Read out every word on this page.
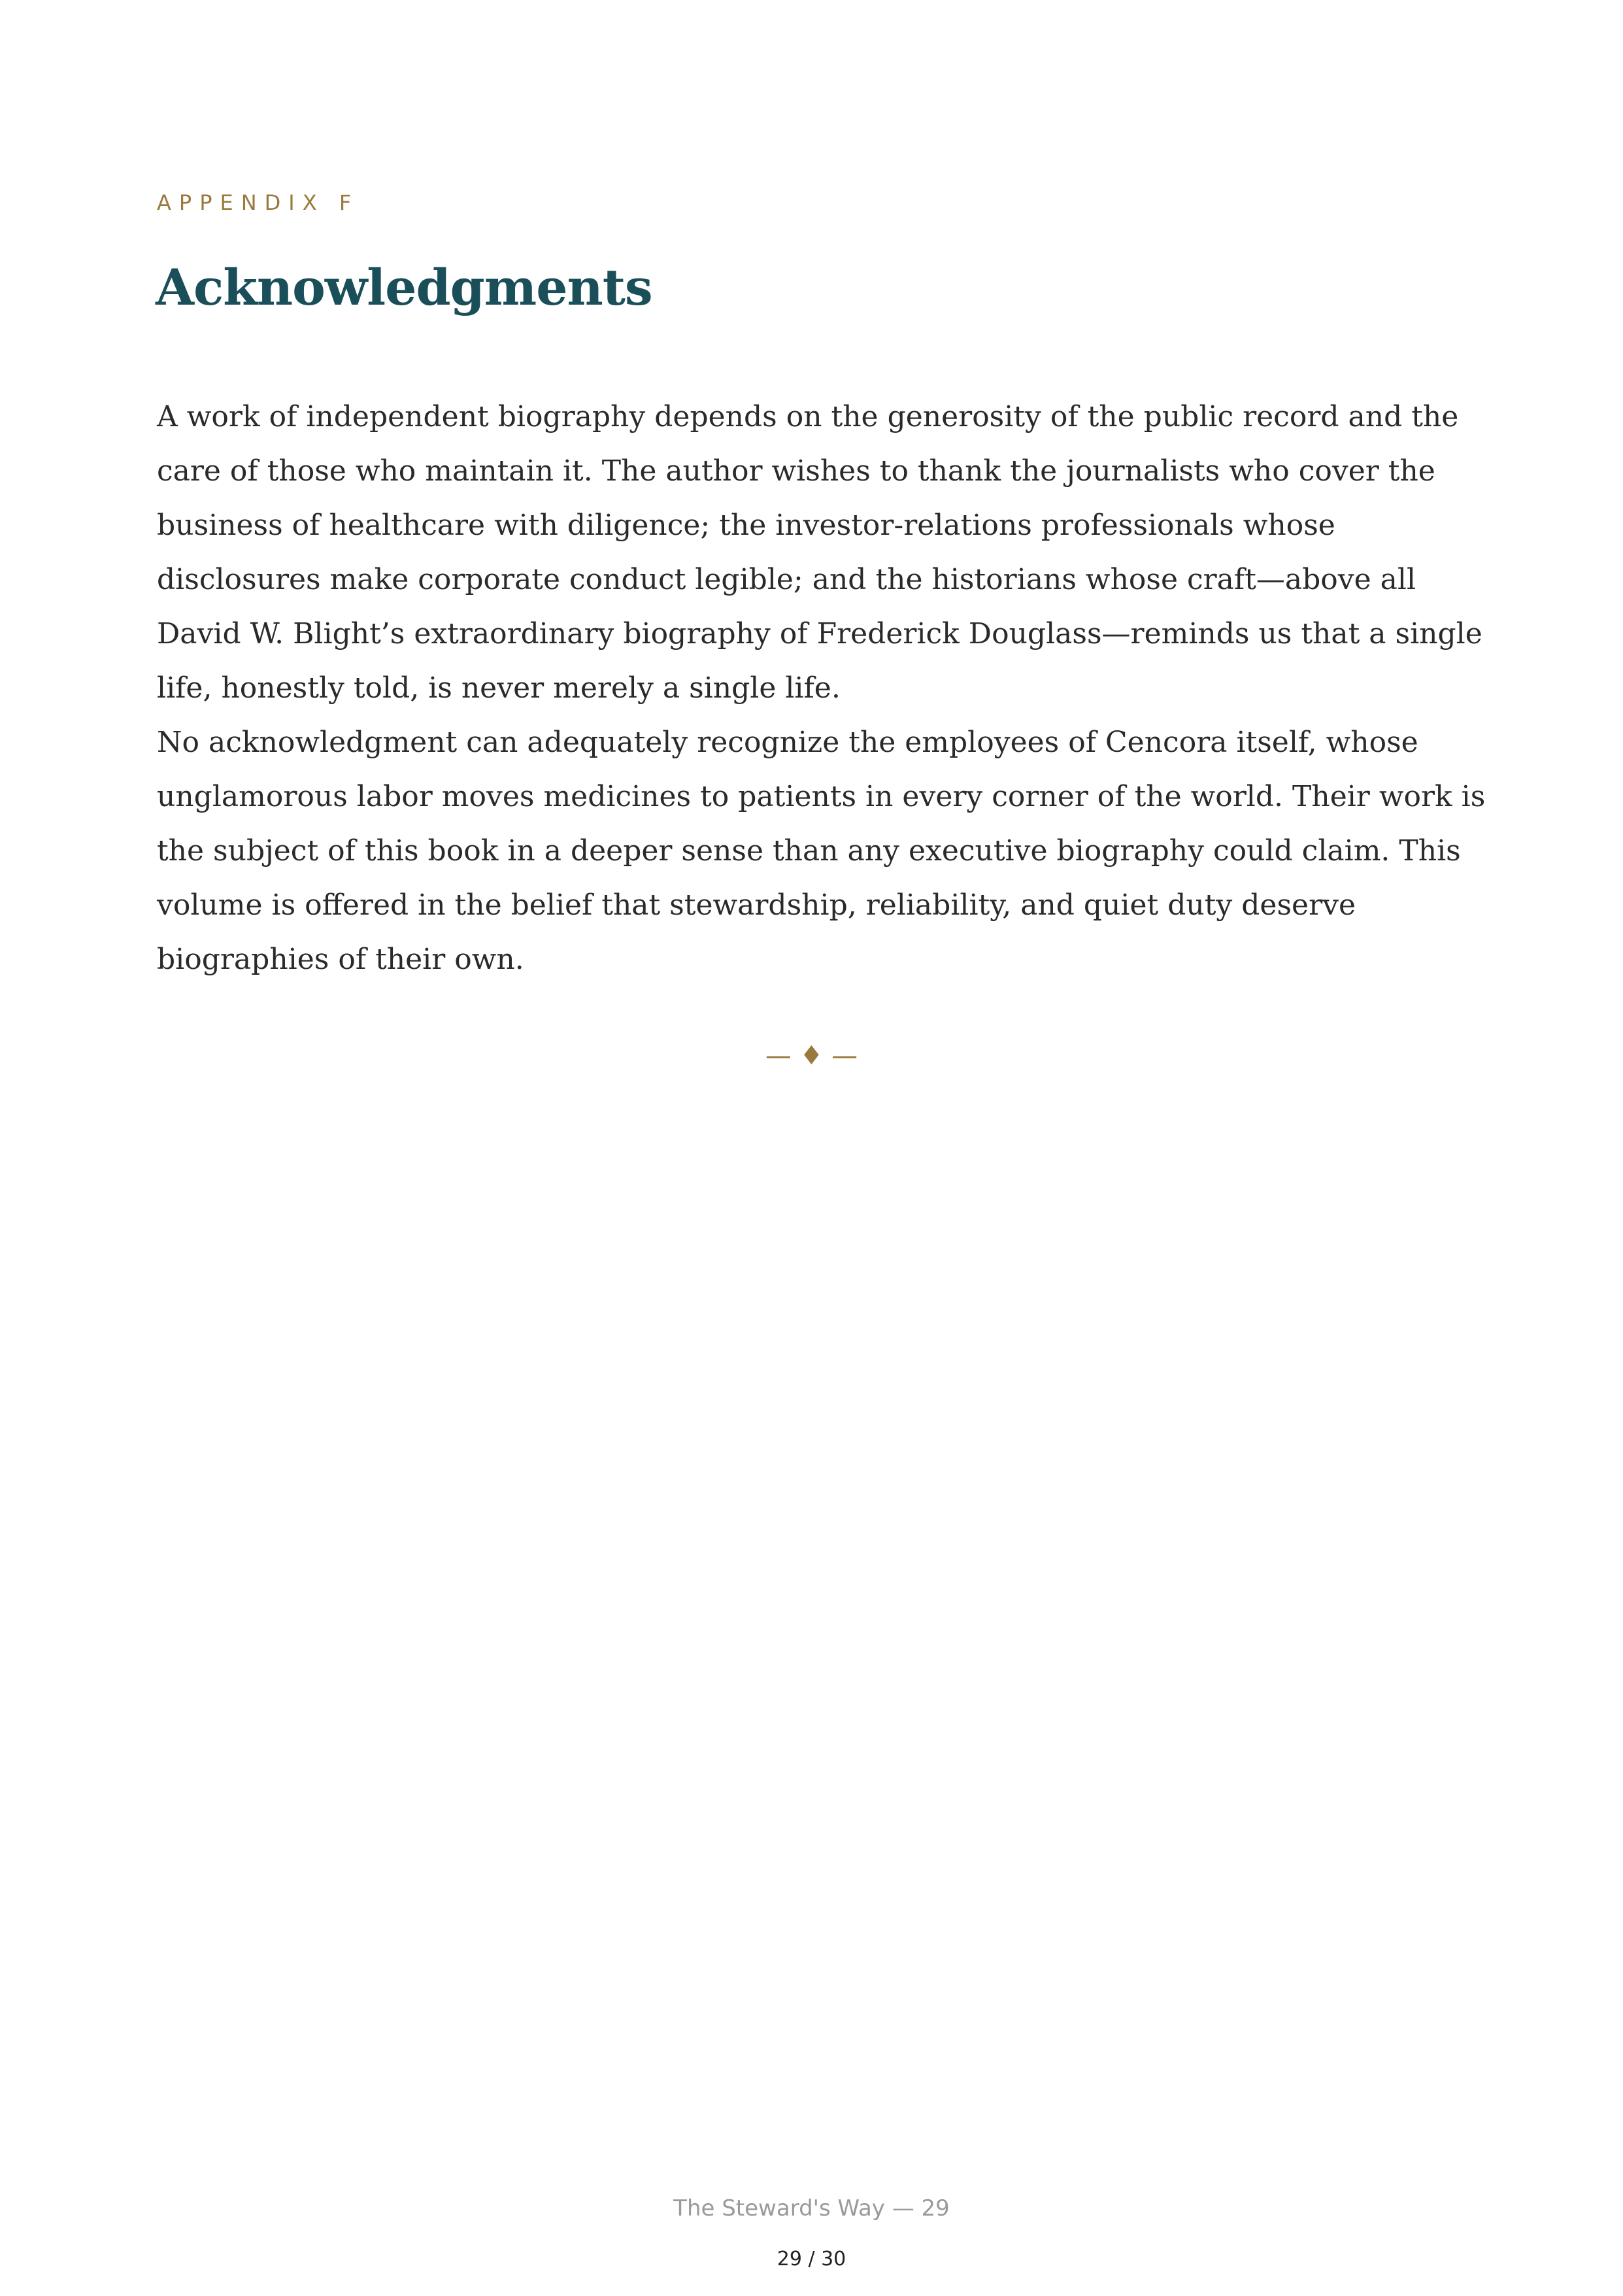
APPENDIX F
Acknowledgments

A work of independent biography depends on the generosity of the public record and the care of those who maintain it. The author wishes to thank the journalists who cover the business of healthcare with diligence; the investor-relations professionals whose disclosures make corporate conduct legible; and the historians whose craft—above all David W. Blight’s extraordinary biography of Frederick Douglass—reminds us that a single life, honestly told, is never merely a single life.

No acknowledgment can adequately recognize the employees of Cencora itself, whose unglamorous labor moves medicines to patients in every corner of the world. Their work is the subject of this book in a deeper sense than any executive biography could claim. This volume is offered in the belief that stewardship, reliability, and quiet duty deserve biographies of their own.

— ♦ —
The Steward's Way — 29
29 / 30
